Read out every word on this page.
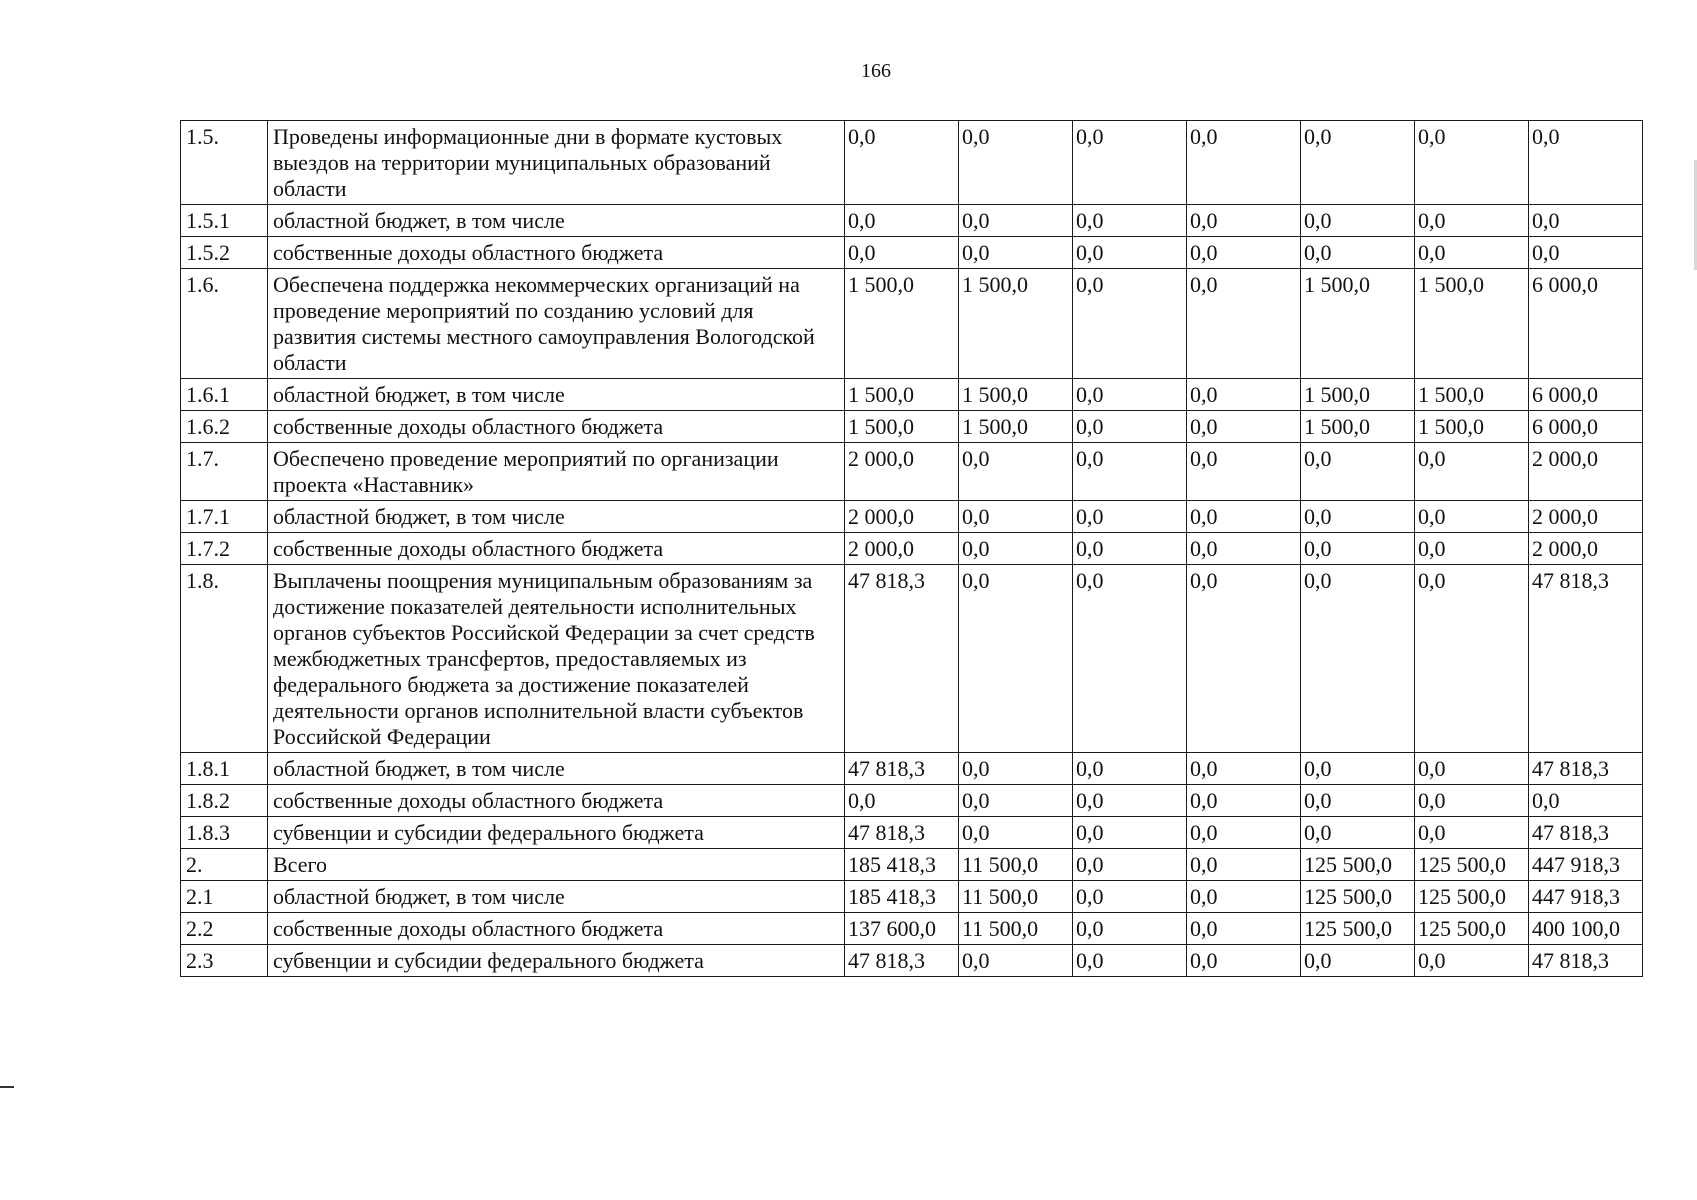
166
1.5.	Проведены информационные дни в формате кустовых выездов на территории муниципальных образований области	0,0	0,0	0,0	0,0	0,0	0,0	0,0
1.5.1	областной бюджет, в том числе	0,0	0,0	0,0	0,0	0,0	0,0	0,0
1.5.2	собственные доходы областного бюджета	0,0	0,0	0,0	0,0	0,0	0,0	0,0
1.6.	Обеспечена поддержка некоммерческих организаций на проведение мероприятий по созданию условий для развития системы местного самоуправления Вологодской области	1 500,0	1 500,0	0,0	0,0	1 500,0	1 500,0	6 000,0
1.6.1	областной бюджет, в том числе	1 500,0	1 500,0	0,0	0,0	1 500,0	1 500,0	6 000,0
1.6.2	собственные доходы областного бюджета	1 500,0	1 500,0	0,0	0,0	1 500,0	1 500,0	6 000,0
1.7.	Обеспечено проведение мероприятий по организации проекта «Наставник»	2 000,0	0,0	0,0	0,0	0,0	0,0	2 000,0
1.7.1	областной бюджет, в том числе	2 000,0	0,0	0,0	0,0	0,0	0,0	2 000,0
1.7.2	собственные доходы областного бюджета	2 000,0	0,0	0,0	0,0	0,0	0,0	2 000,0
1.8.	Выплачены поощрения муниципальным образованиям за достижение показателей деятельности исполнительных органов субъектов Российской Федерации за счет средств межбюджетных трансфертов, предоставляемых из федерального бюджета за достижение показателей деятельности органов исполнительной власти субъектов Российской Федерации	47 818,3	0,0	0,0	0,0	0,0	0,0	47 818,3
1.8.1	областной бюджет, в том числе	47 818,3	0,0	0,0	0,0	0,0	0,0	47 818,3
1.8.2	собственные доходы областного бюджета	0,0	0,0	0,0	0,0	0,0	0,0	0,0
1.8.3	субвенции и субсидии федерального бюджета	47 818,3	0,0	0,0	0,0	0,0	0,0	47 818,3
2.	Всего	185 418,3	11 500,0	0,0	0,0	125 500,0	125 500,0	447 918,3
2.1	областной бюджет, в том числе	185 418,3	11 500,0	0,0	0,0	125 500,0	125 500,0	447 918,3
2.2	собственные доходы областного бюджета	137 600,0	11 500,0	0,0	0,0	125 500,0	125 500,0	400 100,0
2.3	субвенции и субсидии федерального бюджета	47 818,3	0,0	0,0	0,0	0,0	0,0	47 818,3
